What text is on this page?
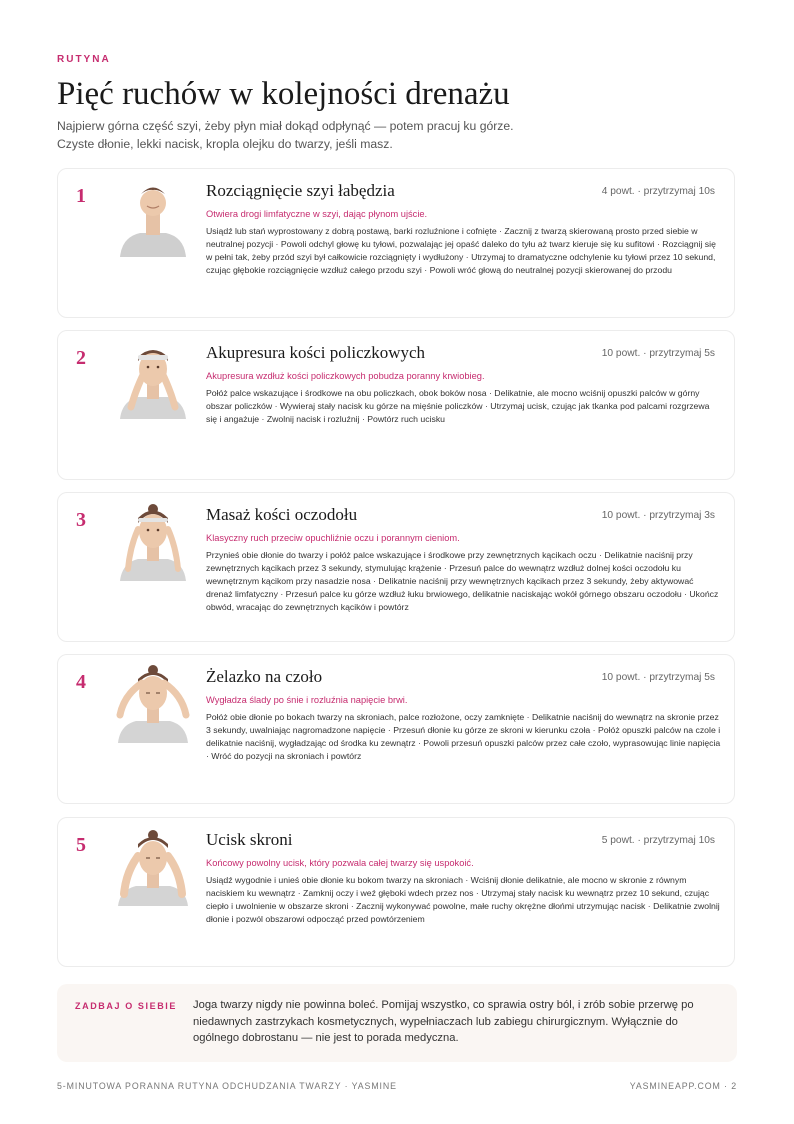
RUTYNA
Pięć ruchów w kolejności drenażu

Najpierw górna część szyi, żeby płyn miał dokąd odpłynąć — potem pracuj ku górze.
Czyste dłonie, lekki nacisk, kropla olejku do twarzy, jeśli masz.

1	Rozciągnięcie szyi łabędzia	4 powt. · przytrzymaj 10s

Otwiera drogi limfatyczne w szyi, dając płynom ujście.

Usiądź lub stań wyprostowany z dobrą postawą, barki rozluźnione i cofnięte · Zacznij z twarzą skierowaną prosto przed siebie w neutralnej pozycji · Powoli odchyl głowę ku tyłowi, pozwalając jej opaść daleko do tyłu aż twarz kieruje się ku sufitowi · Rozciągnij się w pełni tak, żeby przód szyi był całkowicie rozciągnięty i wydłużony · Utrzymaj to dramatyczne odchylenie ku tyłowi przez 10 sekund, czując głębokie rozciągnięcie wzdłuż całego przodu szyi · Powoli wróć głową do neutralnej pozycji skierowanej do przodu

2	Akupresura kości policzkowych	10 powt. · przytrzymaj 5s

Akupresura wzdłuż kości policzkowych pobudza poranny krwiobieg.

Połóż palce wskazujące i środkowe na obu policzkach, obok boków nosa · Delikatnie, ale mocno wciśnij opuszki palców w górny obszar policzków · Wywieraj stały nacisk ku górze na mięśnie policzków · Utrzymaj ucisk, czując jak tkanka pod palcami rozgrzewa się i angażuje · Zwolnij nacisk i rozluźnij · Powtórz ruch ucisku

3	Masaż kości oczodołu	10 powt. · przytrzymaj 3s

Klasyczny ruch przeciw opuchliźnie oczu i porannym cieniom.

Przynieś obie dłonie do twarzy i połóż palce wskazujące i środkowe przy zewnętrznych kącikach oczu · Delikatnie naciśnij przy zewnętrznych kącikach przez 3 sekundy, stymulując krążenie · Przesuń palce do wewnątrz wzdłuż dolnej kości oczodołu ku wewnętrznym kącikom przy nasadzie nosa · Delikatnie naciśnij przy wewnętrznych kącikach przez 3 sekundy, żeby aktywować drenaż limfatyczny · Przesuń palce ku górze wzdłuż łuku brwiowego, delikatnie naciskając wokół górnego obszaru oczodołu · Ukończ obwód, wracając do zewnętrznych kącików i powtórz

4	Żelazko na czoło	10 powt. · przytrzymaj 5s

Wygładza ślady po śnie i rozluźnia napięcie brwi.

Połóż obie dłonie po bokach twarzy na skroniach, palce rozłożone, oczy zamknięte · Delikatnie naciśnij do wewnątrz na skronie przez 3 sekundy, uwalniając nagromadzone napięcie · Przesuń dłonie ku górze ze skroni w kierunku czoła · Połóż opuszki palców na czole i delikatnie naciśnij, wygładzając od środka ku zewnątrz · Powoli przesuń opuszki palców przez całe czoło, wyprasowując linie napięcia · Wróć do pozycji na skroniach i powtórz

5	Ucisk skroni	5 powt. · przytrzymaj 10s

Końcowy powolny ucisk, który pozwala całej twarzy się uspokoić.

Usiądź wygodnie i unieś obie dłonie ku bokom twarzy na skroniach · Wciśnij dłonie delikatnie, ale mocno w skronie z równym naciskiem ku wewnątrz · Zamknij oczy i weź głęboki wdech przez nos · Utrzymaj stały nacisk ku wewnątrz przez 10 sekund, czując ciepło i uwolnienie w obszarze skroni · Zacznij wykonywać powolne, małe ruchy okrężne dłońmi utrzymując nacisk · Delikatnie zwolnij dłonie i pozwól obszarowi odpocząć przed powtórzeniem

ZADBAJ O SIEBIE Joga twarzy nigdy nie powinna boleć. Pomijaj wszystko, co sprawia ostry ból, i zrób sobie przerwę po niedawnych zastrzykach kosmetycznych, wypełniaczach lub zabiegu chirurgicznym. Wyłącznie do ogólnego dobrostanu — nie jest to porada medyczna.

5-MINUTOWA PORANNA RUTYNA ODCHUDZANIA TWARZY · YASMINE	YASMINEAPP.COM · 2
